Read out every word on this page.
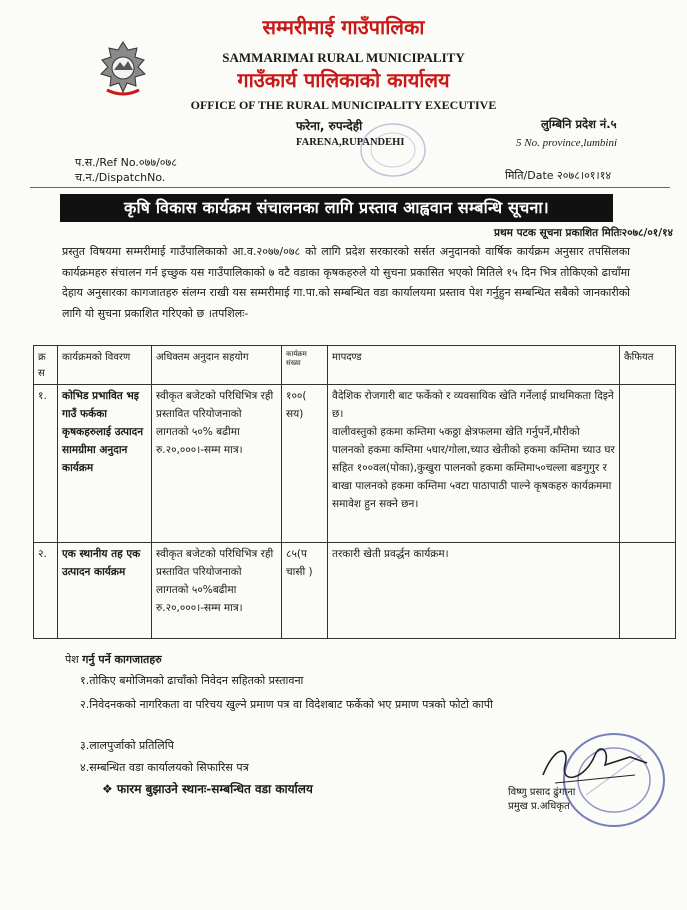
सम्मरीमाई गाउँपालिका
SAMMARIMAI RURAL MUNICIPALITY
गाउँकार्य पालिकाको कार्यालय
OFFICE OF THE RURAL MUNICIPALITY EXECUTIVE
फरेना, रुपन्देही
FARENA,RUPANDEHI
लुम्बिनि प्रदेश नं.५
5 No. province,lumbini
प.स./Ref No.०७७/०७८
च.न./DispatchNo.	मिति/Date २०७८।०१।१४
कृषि विकास कार्यक्रम संचालनका लागि प्रस्ताव आह्ववान सम्बन्धि सूचना।
प्रथम पटक सूचना प्रकाशित मितिः२०७८/०१/१४
प्रस्तुत विषयमा सम्मरीमाई गाउँपालिकाको आ.व.२०७७/०७८ को लागि प्रदेश सरकारको सर्सत अनुदानको वार्षिक कार्यक्रम अनुसार तपसिलका कार्यक्रमहरु संचालन गर्न इच्छुक यस गाउँपालिकाको ७ वटै वडाका कृषकहरुले यो सुचना प्रकासित भएको मितिले १५ दिन भित्र तोकिएको ढाचाँमा देहाय अनुसारका कागजातहरु संलग्न राखी यस सम्मरीमाई गा.पा.को सम्बन्धित वडा कार्यालयमा प्रस्ताव पेश गर्नुहुन सम्बन्धित सबैको जानकारीको लागि यो सुचना प्रकाशित गरिएको छ ।तपशिलः-
क्र स	कार्यक्रमको विवरण	अधिक्तम अनुदान सहयोग	कार्यक्रम संख्या	मापदण्ड	कैफियत
१.	कोभिड प्रभावित भइ गाउँ फर्कका कृषकहरुलाई उत्पादन सामग्रीमा अनुदान कार्यक्रम	स्वीकृत बजेटको परिधिभित्र रही प्रस्तावित परियोजनाको लागतको ५०% बढीमा रु.२०,०००।-सम्म मात्र।	१००( सय)	वैदेशिक रोजगारी बाट फर्केको र व्यवसायिक खेति गर्नेलाई प्राथमिकता दिइने छ।
वालीवस्तुको हकमा कम्तिमा ५कठ्ठा क्षेत्रफलमा खेति गर्नुपर्ने,मौरीको पालनको हकमा कम्तिमा ५घार/गोला,च्याउ खेतीको हकमा कम्तिमा च्याउ घर सहित १००वल(पोका),कुखुरा पालनको हकमा कम्तिमा५०चल्ला बङगुगुर र बाखा पालनको हकमा कम्तिमा ५वटा पाठापाठी पाल्ने कृषकहरु कार्यक्रममा समावेश हुन सक्ने छन।	

२.	एक स्थानीय तह एक उत्पादन कार्यक्रम	स्वीकृत बजेटको परिधिभित्र रही प्रस्तावित परियोजनाको लागतको ५०%बढीमा रु.२०,०००।-सम्म मात्र।	८५(प चासी )	तरकारी खेती प्रवर्द्धन कार्यक्रम।	

पेश गर्नु पर्ने कागजातहरु
१.तोकिए बमोजिमको ढाचाँको निवेदन सहितको प्रस्तावना
२.निवेदनकको नागरिकता वा परिचय खुल्ने प्रमाण पत्र वा विदेशबाट फर्केको भए प्रमाण पत्रको फोटो कापी
३.लालपुर्जाको प्रतिलिपि
४.सम्बन्धित वडा कार्यालयको सिफारिस पत्र
❖ फारम बुझाउने स्थानः-सम्बन्धित वडा कार्यालय	विष्णु प्रसाद ढुंगाना
प्रमुख प्र.अधिकृत
